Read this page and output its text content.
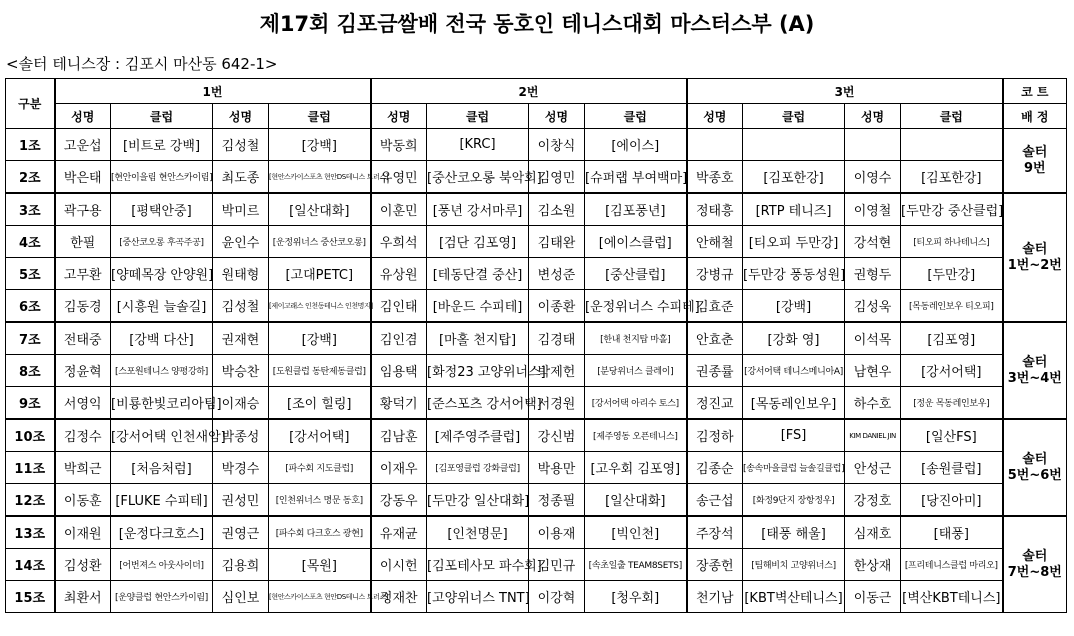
제17회 김포금쌀배 전국 동호인 테니스대회 마스터스부 (A)
<솔터 테니스장 : 김포시 마산동 642-1>
구분	1번				2번				3번				코 트
	성명	클럽	성명	클럽	성명	클럽	성명	클럽	성명	클럽	성명	클럽	배 정
1조	고운섭	[비트로 강백]	김성철	[강백]	박동희	[KRC]	이창식	[에이스]					솔터
9번

2조	박은태	[현안이을림 현안스카이림]	최도종	[현안스카이스포츠 현안DS테니스 트러스]	유영민	[중산코오롱 북악회]	김영민	[슈퍼랩 부여백마]	박종호	[김포한강]	이영수	[김포한강]	
3조	곽구용	[평택안중]	박미르	[일산대화]	이훈민	[풍년 강서마루]	김소원	[김포풍년]	정태흥	[RTP 테니즈]	이영철	[두만강 중산클럽]	솔터
1번~2번

4조	한필	[중산코오롱 후곡주공]	윤인수	[운정위너스 중산코오롱]	우희석	[검단 김포영]	김태완	[에이스클럽]	안해철	[티오피 두만강]	강석현	[티오피 하나테니스]	
5조	고무환	[양떼목장 안양원]	원태형	[고대PETC]	유상원	[테동단결 중산]	변성준	[중산클럽]	강병규	[두만강 풍동성원]	권형두	[두만강]	
6조	김동경	[시흥원 늘솔길]	김성철	[제이고래스 인천동테니스 인천명지]	김인태	[바운드 수피테]	이종환	[운정위너스 수피테]	김효준	[강백]	김성욱	[목동레인보우 티오피]	
7조	전태중	[강백 다산]	권재현	[강백]	김인겸	[마홀 천지탑]	김경태	[한내 천지탑 마홀]	안효춘	[강화 영]	이석목	[김포영]	솔터
3번~4번

8조	정윤혁	[스포원테니스 양평강하]	박승찬	[도원클럽 동탄제동클럽]	임용택	[화정23 고양위너스]	박제헌	[분당위너스 클레이]	권종률	[강서어택 테니스메니아A]	남현우	[강서어택]	
9조	서영익	[비룡한빛코리아팀]	이재승	[조이 힐링]	황덕기	[준스포츠 강서어택]	서경원	[강서어택 아리수 토스]	정진교	[목동레인보우]	하수호	[정운 목동레인보우]	
10조	김정수	[강서어택 인천새암]	박종성	[강서어택]	김남훈	[제주영주클럽]	강신범	[제주영동 오픈테니스]	김정하	[FS]	KIM DANIEL JIN	[일산FS]	솔터
5번~6번

11조	박희근	[처음처럼]	박경수	[파수회 지도클럽]	이재우	[김포영클럽 강화클럽]	박용만	[고우회 김포영]	김종순	[송속마을클럽 늘솔길클럽]	안성근	[송원클럽]	
12조	이동훈	[FLUKE 수피테]	권성민	[인천위너스 명문 동호]	강동우	[두만강 일산대화]	정종필	[일산대화]	송근섭	[화정9단지 장항정우]	강정호	[당진아미]	
13조	이재원	[운정다크호스]	권영근	[파수회 다크호스 광현]	유재균	[인천명문]	이용재	[빅인천]	주장석	[태풍 해울]	심재호	[태풍]	솔터
7번~8번

14조	김성환	[어번져스 아웃사이더]	김용희	[목원]	이시헌	[김포테사모 파수회]	김민규	[속초일출 TEAM8SETS]	장종헌	[팀해비치 고양위너스]	한상재	[프리테니스클럽 마리오]	
15조	최환서	[운양클럽 현안스카이림]	심인보	[현안스카이스포츠 현안DS테니스 트러스]	정재찬	[고양위너스 TNT]	이강혁	[청우회]	천기남	[KBT벽산테니스]	이동근	[벽산KBT테니스]	
